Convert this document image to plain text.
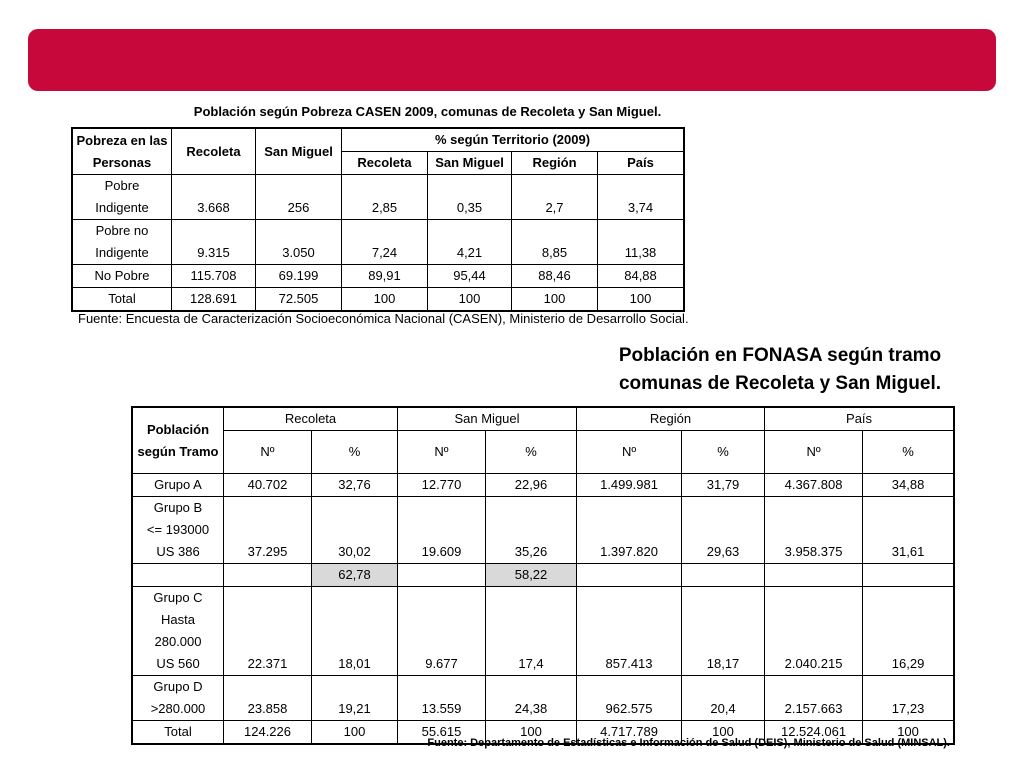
Población según Pobreza CASEN 2009, comunas de Recoleta y San Miguel.
Pobreza en las Personas	Recoleta	San Miguel	% según Territorio (2009)			
			Recoleta	San Miguel	Región	País

Pobre
Indigente	3.668	256	2,85	0,35	2,7	3,74

Pobre no
Indigente	9.315	3.050	7,24	4,21	8,85	11,38

No Pobre	115.708	69.199	89,91	95,44	88,46	84,88

Total	128.691	72.505	100	100	100	100
Fuente: Encuesta de Caracterización Socioeconómica Nacional (CASEN), Ministerio de Desarrollo Social.
Población en FONASA según tramo
comunas de Recoleta y San Miguel.
Población según Tramo	Recoleta		San Miguel		Región		País	
	Nº	%	Nº	%	Nº	%	Nº	%

Grupo A	40.702	32,76	12.770	22,96	1.499.981	31,79	4.367.808	34,88

Grupo B
<= 193000
US 386	37.295	30,02	19.609	35,26	1.397.820	29,63	3.958.375	31,61

		62,78		58,22				

Grupo C
Hasta
280.000
US 560	22.371	18,01	9.677	17,4	857.413	18,17	2.040.215	16,29

Grupo D
>280.000	23.858	19,21	13.559	24,38	962.575	20,4	2.157.663	17,23

Total	124.226	100	55.615	100	4.717.789	100	12.524.061	100
Fuente: Departamento de Estadísticas e Información de Salud (DEIS), Ministerio de Salud (MINSAL).
